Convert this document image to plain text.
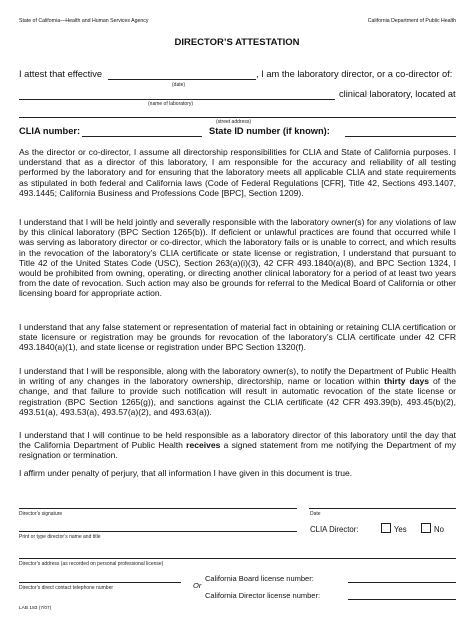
State of California—Health and Human Services Agency	California Department of Public Health
DIRECTOR’S ATTESTATION
I attest that effective	, I am the laboratory director, or a co-director of:
(date)
clinical laboratory, located at
(name of laboratory)
(street address)
CLIA number:	State ID number (if known):

As the director or co-director, I assume all directorship responsibilities for CLIA and State of California purposes. I understand that as a director of this laboratory, I am responsible for the accuracy and reliability of all testing performed by the laboratory and for ensuring that the laboratory meets all applicable CLIA and state requirements as stipulated in both federal and California laws (Code of Federal Regulations [CFR], Title 42, Sections 493.1407, 493.1445; California Business and Professions Code [BPC], Section 1209).

I understand that I will be held jointly and severally responsible with the laboratory owner(s) for any violations of law by this clinical laboratory (BPC Section 1265(b)). If deficient or unlawful practices are found that occurred while I was serving as laboratory director or co-director, which the laboratory fails or is unable to correct, and which results in the revocation of the laboratory’s CLIA certificate or state license or registration, I understand that pursuant to Title 42 of the United States Code (USC), Section 263(a)(i)(3), 42 CFR 493.1840(a)(8), and BPC Section 1324, I would be prohibited from owning, operating, or directing another clinical laboratory for a period of at least two years from the date of revocation. Such action may also be grounds for referral to the Medical Board of California or other licensing board for appropriate action.

I understand that any false statement or representation of material fact in obtaining or retaining CLIA certification or state licensure or registration may be grounds for revocation of the laboratory’s CLIA certificate under 42 CFR 493.1840(a)(1), and state license or registration under BPC Section 1320(f).

I understand that I will be responsible, along with the laboratory owner(s), to notify the Department of Public Health in writing of any changes in the laboratory ownership, directorship, name or location within thirty days of the change, and that failure to provide such notification will result in automatic revocation of the state license or registration (BPC Section 1265(g)), and sanctions against the CLIA certificate (42 CFR 493.39(b), 493.45(b)(2), 493.51(a), 493.53(a), 493.57(a)(2), and 493.63(a)).

I understand that I will continue to be held responsible as a laboratory director of this laboratory until the day that the California Department of Public Health receives a signed statement from me notifying the Department of my resignation or termination.

I affirm under penalty of perjury, that all information I have given in this document is true.

Director’s signature	Date
Print or type director’s name and title
CLIA Director:	Yes	No
Director’s address (as recorded on personal professional license)
Director’s direct contact telephone number	Or
California Board license number:
California Director license number:
LAB 183 (7/07)
